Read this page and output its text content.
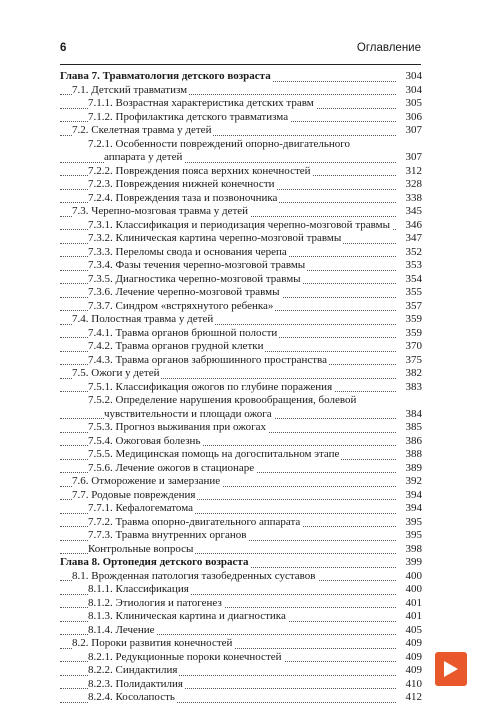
6	Оглавление
Глава 7. Травматология детского возраста	304
7.1. Детский травматизм	304
7.1.1. Возрастная характеристика детских травм	305
7.1.2. Профилактика детского травматизма	306
7.2. Скелетная травма у детей	307
7.2.1. Особенности повреждений опорно-двигательного
аппарата у детей	307
7.2.2. Повреждения пояса верхних конечностей	312
7.2.3. Повреждения нижней конечности	328
7.2.4. Повреждения таза и позвоночника	338
7.3. Черепно-мозговая травма у детей	345
7.3.1. Классификация и периодизация черепно-мозговой травмы	346
7.3.2. Клиническая картина черепно-мозговой травмы	347
7.3.3. Переломы свода и основания черепа	352
7.3.4. Фазы течения черепно-мозговой травмы	353
7.3.5. Диагностика черепно-мозговой травмы	354
7.3.6. Лечение черепно-мозговой травмы	355
7.3.7. Синдром «встряхнутого ребенка»	357
7.4. Полостная травма у детей	359
7.4.1. Травма органов брюшной полости	359
7.4.2. Травма органов грудной клетки	370
7.4.3. Травма органов забрюшинного пространства	375
7.5. Ожоги у детей	382
7.5.1. Классификация ожогов по глубине поражения	383
7.5.2. Определение нарушения кровообращения, болевой
чувствительности и площади ожога	384
7.5.3. Прогноз выживания при ожогах	385
7.5.4. Ожоговая болезнь	386
7.5.5. Медицинская помощь на догоспитальном этапе	388
7.5.6. Лечение ожогов в стационаре	389
7.6. Отморожение и замерзание	392
7.7. Родовые повреждения	394
7.7.1. Кефалогематома	394
7.7.2. Травма опорно-двигательного аппарата	395
7.7.3. Травма внутренних органов	395
Контрольные вопросы	398
Глава 8. Ортопедия детского возраста	399
8.1. Врожденная патология тазобедренных суставов	400
8.1.1. Классификация	400
8.1.2. Этиология и патогенез	401
8.1.3. Клиническая картина и диагностика	401
8.1.4. Лечение	405
8.2. Пороки развития конечностей	409
8.2.1. Редукционные пороки конечностей	409
8.2.2. Синдактилия	409
8.2.3. Полидактилия	410
8.2.4. Косолапость	412
